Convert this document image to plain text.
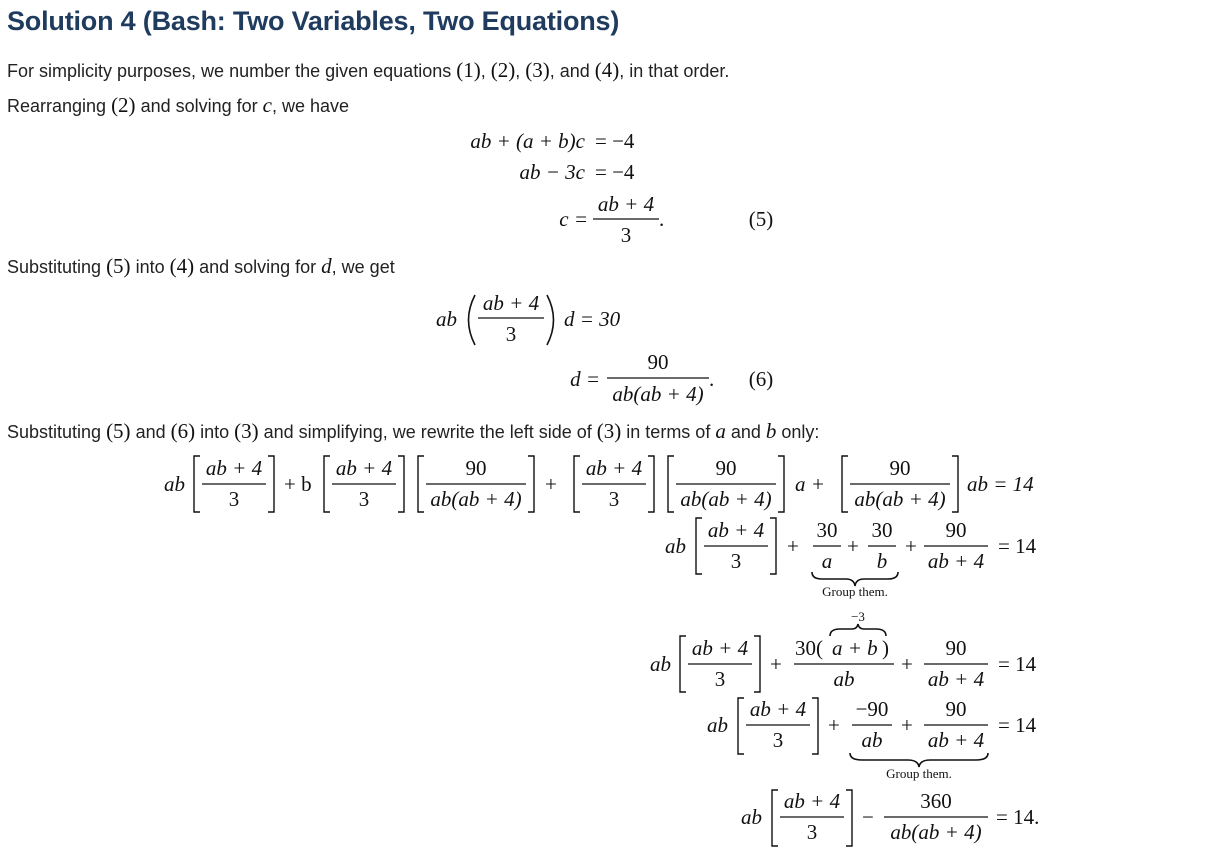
Solution 4 (Bash: Two Variables, Two Equations)
For simplicity purposes, we number the given equations (1), (2), (3), and (4), in that order.
Rearranging (2) and solving for c, we have
ab + (a + b)c = −4
ab − 3c = −4
c =
ab + 4
3
.	(5)
Substituting (5) into (4) and solving for d, we get
ab
ab + 4
3
d = 30
d =
90
ab(ab + 4)
. (6)
Substituting (5) and (6) into (3) and simplifying, we rewrite the left side of (3) in terms of a and b only:
ab
ab + 4
3
+ b
ab + 4
3
90
ab(ab + 4)
+
ab + 4
3
90
ab(ab + 4)
a +
90
ab(ab + 4)
ab = 14
ab
ab + 4
3
+
30
a
+
30
b
+
90
ab + 4
= 14
Group them.
−3
ab
ab + 4
3
+
30( a + b )
ab
+
90
ab + 4
= 14
ab
ab + 4
3
+
−90
ab
+
90
ab + 4
= 14
Group them.
ab
ab + 4
3
−
360
ab(ab + 4)
= 14.
